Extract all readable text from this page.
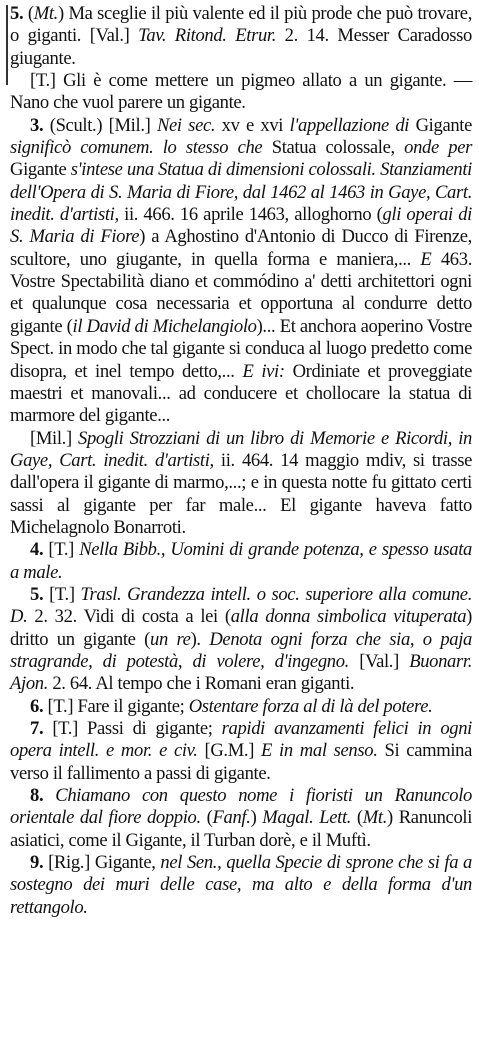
5. (Mt.) Ma sceglie il più valente ed il più prode che può trovare, o giganti. [Val.] Tav. Ritond. Etrur. 2. 14. Messer Caradosso giugante.

[T.] Gli è come mettere un pigmeo allato a un gigante. — Nano che vuol parere un gigante.

3. (Scult.) [Mil.] Nei sec. xv e xvi l'appellazione di Gigante significò comunem. lo stesso che Statua colossale, onde per Gigante s'intese una Statua di dimensioni colossali. Stanziamenti dell'Opera di S. Maria di Fiore, dal 1462 al 1463 in Gaye, Cart. inedit. d'artisti, ii. 466. 16 aprile 1463, alloghorno (gli operai di S. Maria di Fiore) a Aghostino d'Antonio di Ducco di Firenze, scultore, uno giugante, in quella forma e maniera,... E 463. Vostre Spectabilità diano et commódino a' detti architettori ogni et qualunque cosa necessaria et opportuna al condurre detto gigante (il David di Michelangiolo)... Et anchora aoperino Vostre Spect. in modo che tal gigante si conduca al luogo predetto come disopra, et inel tempo detto,... E ivi: Ordiniate et proveggiate maestri et manovali... ad conducere et chollocare la statua di marmore del gigante...

[Mil.] Spogli Strozziani di un libro di Memorie e Ricordi, in Gaye, Cart. inedit. d'artisti, ii. 464. 14 maggio mdiv, si trasse dall'opera il gigante di marmo,...; e in questa notte fu gittato certi sassi al gigante per far male... El gigante haveva fatto Michelagnolo Bonarroti.

4. [T.] Nella Bibb., Uomini di grande potenza, e spesso usata a male.

5. [T.] Trasl. Grandezza intell. o soc. superiore alla comune. D. 2. 32. Vidi di costa a lei (alla donna simbolica vituperata) dritto un gigante (un re). Denota ogni forza che sia, o paja stragrande, di potestà, di volere, d'ingegno. [Val.] Buonarr. Ajon. 2. 64. Al tempo che i Romani eran giganti.

6. [T.] Fare il gigante; Ostentare forza al di là del potere.

7. [T.] Passi di gigante; rapidi avanzamenti felici in ogni opera intell. e mor. e civ. [G.M.] E in mal senso. Si cammina verso il fallimento a passi di gigante.

8. Chiamano con questo nome i fioristi un Ranuncolo orientale dal fiore doppio. (Fanf.) Magal. Lett. (Mt.) Ranuncoli asiatici, come il Gigante, il Turban dorè, e il Muftì.

9. [Rig.] Gigante, nel Sen., quella Specie di sprone che si fa a sostegno dei muri delle case, ma alto e della forma d'un rettangolo.
